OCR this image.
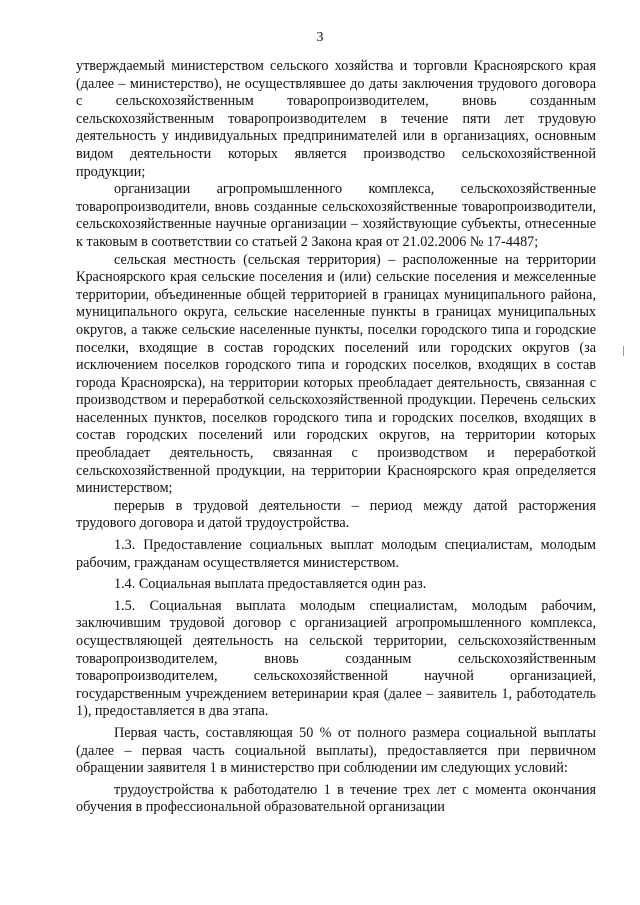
3

утверждаемый министерством сельского хозяйства и торговли Красноярского края (далее – министерство), не осуществлявшее до даты заключения трудового договора с сельскохозяйственным товаропроизводителем, вновь созданным сельскохозяйственным товаропроизводителем в течение пяти лет трудовую деятельность у индивидуальных предпринимателей или в организациях, основным видом деятельности которых является производство сельскохозяйственной продукции;

организации агропромышленного комплекса, сельскохозяйственные товаропроизводители, вновь созданные сельскохозяйственные товаропроизводители, сельскохозяйственные научные организации – хозяйствующие субъекты, отнесенные к таковым в соответствии со статьей 2 Закона края от 21.02.2006 № 17-4487;

сельская местность (сельская территория) – расположенные на территории Красноярского края сельские поселения и (или) сельские поселения и межселенные территории, объединенные общей территорией в границах муниципального района, муниципального округа, сельские населенные пункты в границах муниципальных округов, а также сельские населенные пункты, поселки городского типа и городские поселки, входящие в состав городских поселений или городских округов (за исключением поселков городского типа и городских поселков, входящих в состав города Красноярска), на территории которых преобладает деятельность, связанная с производством и переработкой сельскохозяйственной продукции. Перечень сельских населенных пунктов, поселков городского типа и городских поселков, входящих в состав городских поселений или городских округов, на территории которых преобладает деятельность, связанная с производством и переработкой сельскохозяйственной продукции, на территории Красноярского края определяется министерством;

перерыв в трудовой деятельности – период между датой расторжения трудового договора и датой трудоустройства.

1.3. Предоставление социальных выплат молодым специалистам, молодым рабочим, гражданам осуществляется министерством.

1.4. Социальная выплата предоставляется один раз.

1.5. Социальная выплата молодым специалистам, молодым рабочим, заключившим трудовой договор с организацией агропромышленного комплекса, осуществляющей деятельность на сельской территории, сельскохозяйственным товаропроизводителем, вновь созданным сельскохозяйственным товаропроизводителем, сельскохозяйственной научной организацией, государственным учреждением ветеринарии края (далее – заявитель 1, работодатель 1), предоставляется в два этапа.

Первая часть, составляющая 50 % от полного размера социальной выплаты (далее – первая часть социальной выплаты), предоставляется при первичном обращении заявителя 1 в министерство при соблюдении им следующих условий:

трудоустройства к работодателю 1 в течение трех лет с момента окончания обучения в профессиональной образовательной организации
